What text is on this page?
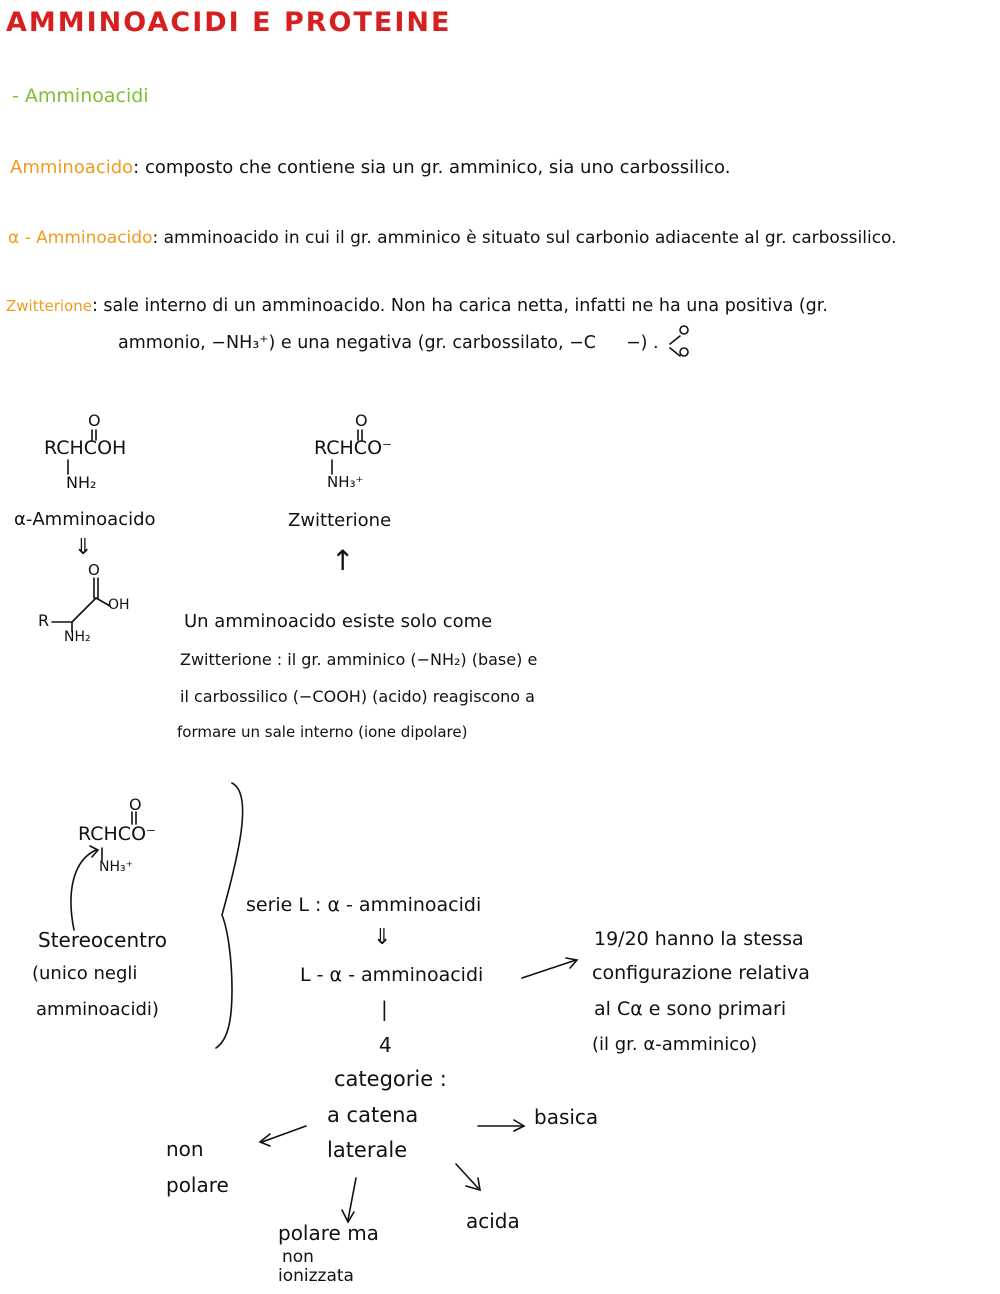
AMMINOACIDI E PROTEINE
- Amminoacidi
Amminoacido: composto che contiene sia un gr. amminico, sia uno carbossilico.
α - Amminoacido: amminoacido in cui il gr. amminico è situato sul carbonio adiacente al gr. carbossilico.
Zwitterione: sale interno di un amminoacido. Non ha carica netta, infatti ne ha una positiva (gr.
ammonio, −NH₃⁺) e una negativa (gr. carbossilato, −C −) .
O
RCHCOH
NH₂
α-Amminoacido
⇓
R
OH
O
NH₂
O
RCHCO⁻
NH₃⁺
Zwitterione
↑
Un amminoacido esiste solo come
Zwitterione : il gr. amminico (−NH₂) (base) e
il carbossilico (−COOH) (acido) reagiscono a
formare un sale interno (ione dipolare)
O
RCHCO⁻
NH₃⁺
Stereocentro
(unico negli
amminoacidi)
serie L : α - amminoacidi
⇓
L - α - amminoacidi
|
4
categorie :
a catena
laterale
19/20 hanno la stessa
configurazione relativa
al Cα e sono primari
(il gr. α-amminico)
non
polare
basica
acida
polare ma
non
ionizzata
